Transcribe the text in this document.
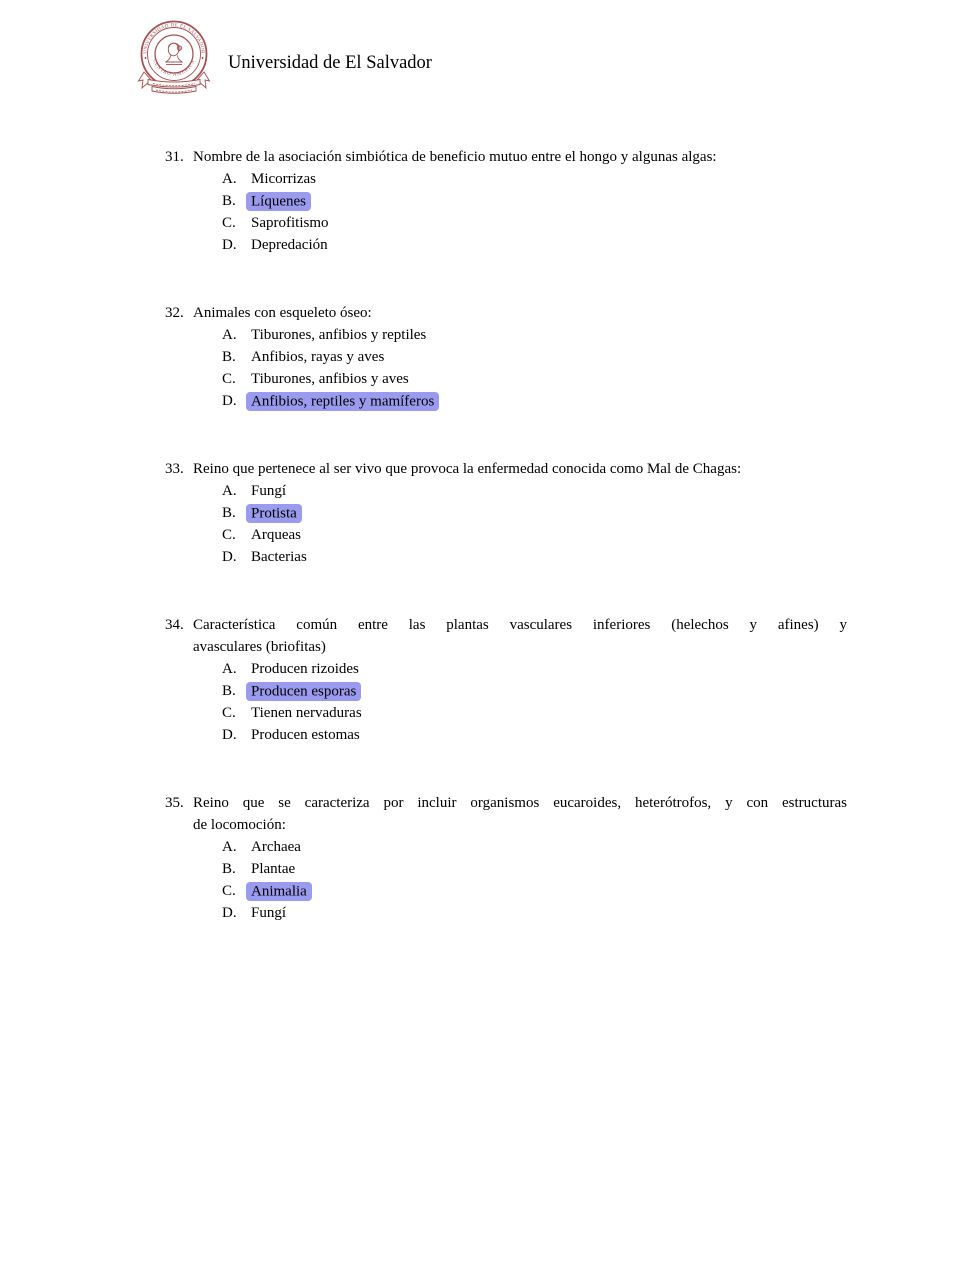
UNIVERSIDAD DE EL SALVADOR
CENTRO AMERICA Universidad de El Salvador
31. Nombre de la asociación simbiótica de beneficio mutuo entre el hongo y algunas algas:
A. Micorrizas
B. Líquenes
C. Saprofitismo
D. Depredación
32. Animales con esqueleto óseo:
A. Tiburones, anfibios y reptiles
B. Anfibios, rayas y aves
C. Tiburones, anfibios y aves
D. Anfibios, reptiles y mamíferos
33. Reino que pertenece al ser vivo que provoca la enfermedad conocida como Mal de Chagas:
A. Fungí
B. Protista
C. Arqueas
D. Bacterias
34. Característica común entre las plantas vasculares inferiores (helechos y afines) y
avasculares (briofitas)
A. Producen rizoides
B. Producen esporas
C. Tienen nervaduras
D. Producen estomas
35. Reino que se caracteriza por incluir organismos eucaroides, heterótrofos, y con estructuras
de locomoción:
A. Archaea
B. Plantae
C. Animalia
D. Fungí
